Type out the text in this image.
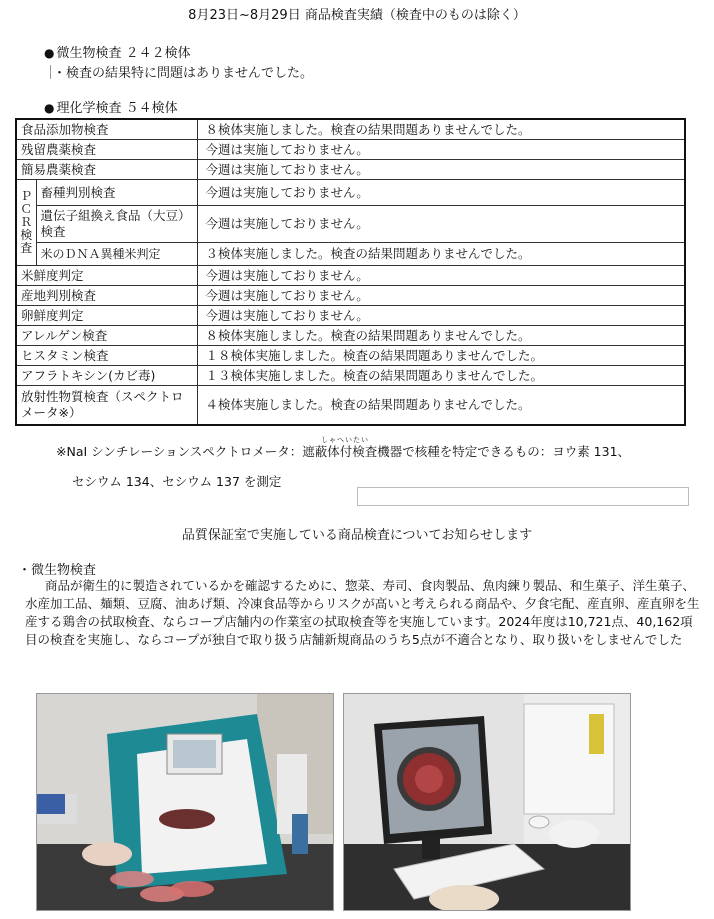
8月23日~8月29日 商品検査実績（検査中のものは除く）
● 微生物検査 ２４２検体
・検査の結果特に問題はありませんでした。
● 理化学検査 ５４検体
食品添加物検査		８検体実施しました。検査の結果問題ありませんでした。
残留農薬検査		今週は実施しておりません。
簡易農薬検査		今週は実施しておりません。
ＰＣＲ検査	畜種判別検査	今週は実施しておりません。
	遺伝子組換え食品（大豆）検査	今週は実施しておりません。
	米のＤＮＡ異種米判定	３検体実施しました。検査の結果問題ありませんでした。
米鮮度判定		今週は実施しておりません。
産地判別検査		今週は実施しておりません。
卵鮮度判定		今週は実施しておりません。
アレルゲン検査		８検体実施しました。検査の結果問題ありませんでした。
ヒスタミン検査		１８検体実施しました。検査の結果問題ありませんでした。
アフラトキシン(カビ毒)		１３検体実施しました。検査の結果問題ありませんでした。
放射性物質検査（スペクトロメータ※）		４検体実施しました。検査の結果問題ありませんでした。
しゃへいたい
※NaI シンチレーションスペクトロメータ：遮蔽体付検査機器で核種を特定できるもの：ヨウ素 131、
セシウム 134、セシウム 137 を測定
品質保証室で実施している商品検査についてお知らせします
・微生物検査
商品が衛生的に製造されているかを確認するために、惣菜、寿司、食肉製品、魚肉練り製品、和生菓子、洋生菓子、水産加工品、麺類、豆腐、油あげ類、冷凍食品等からリスクが高いと考えられる商品や、夕食宅配、産直卵、産直卵を生産する鶏舎の拭取検査、ならコープ店舗内の作業室の拭取検査等を実施しています。2024年度は10,721点、40,162項目の検査を実施し、ならコープが独自で取り扱う店舗新規商品のうち5点が不適合となり、取り扱いをしませんでした
